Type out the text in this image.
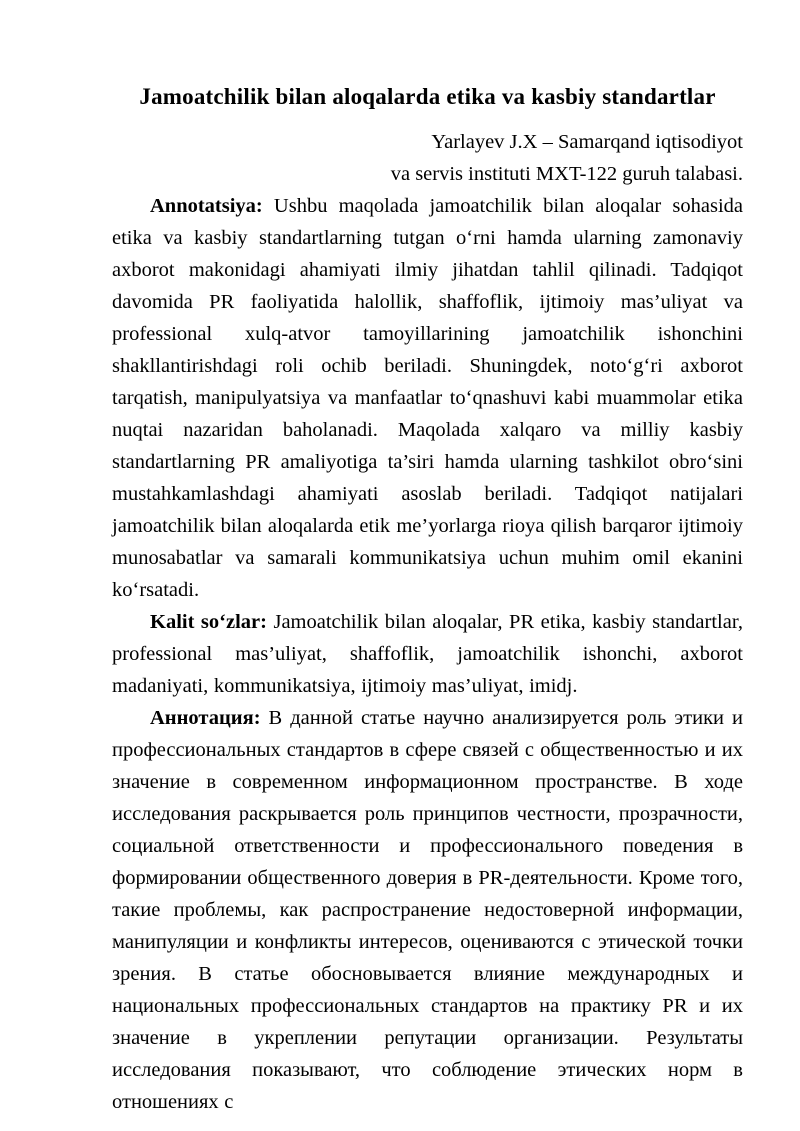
Jamoatchilik bilan aloqalarda etika va kasbiy standartlar
Yarlayev J.X – Samarqand iqtisodiyot
va servis instituti MXT-122 guruh talabasi.

Annotatsiya: Ushbu maqolada jamoatchilik bilan aloqalar sohasida etika va kasbiy standartlarning tutgan o‘rni hamda ularning zamonaviy axborot makonidagi ahamiyati ilmiy jihatdan tahlil qilinadi. Tadqiqot davomida PR faoliyatida halollik, shaffoflik, ijtimoiy mas’uliyat va professional xulq-atvor tamoyillarining jamoatchilik ishonchini shakllantirishdagi roli ochib beriladi. Shuningdek, noto‘g‘ri axborot tarqatish, manipulyatsiya va manfaatlar to‘qnashuvi kabi muammolar etika nuqtai nazaridan baholanadi. Maqolada xalqaro va milliy kasbiy standartlarning PR amaliyotiga ta’siri hamda ularning tashkilot obro‘sini mustahkamlashdagi ahamiyati asoslab beriladi. Tadqiqot natijalari jamoatchilik bilan aloqalarda etik me’yorlarga rioya qilish barqaror ijtimoiy munosabatlar va samarali kommunikatsiya uchun muhim omil ekanini ko‘rsatadi.

Kalit so‘zlar: Jamoatchilik bilan aloqalar, PR etika, kasbiy standartlar, professional mas’uliyat, shaffoflik, jamoatchilik ishonchi, axborot madaniyati, kommunikatsiya, ijtimoiy mas’uliyat, imidj.

Аннотация: В данной статье научно анализируется роль этики и профессиональных стандартов в сфере связей с общественностью и их значение в современном информационном пространстве. В ходе исследования раскрывается роль принципов честности, прозрачности, социальной ответственности и профессионального поведения в формировании общественного доверия в PR-деятельности. Кроме того, такие проблемы, как распространение недостоверной информации, манипуляции и конфликты интересов, оцениваются с этической точки зрения. В статье обосновывается влияние международных и национальных профессиональных стандартов на практику PR и их значение в укреплении репутации организации. Результаты исследования показывают, что соблюдение этических норм в отношениях с
